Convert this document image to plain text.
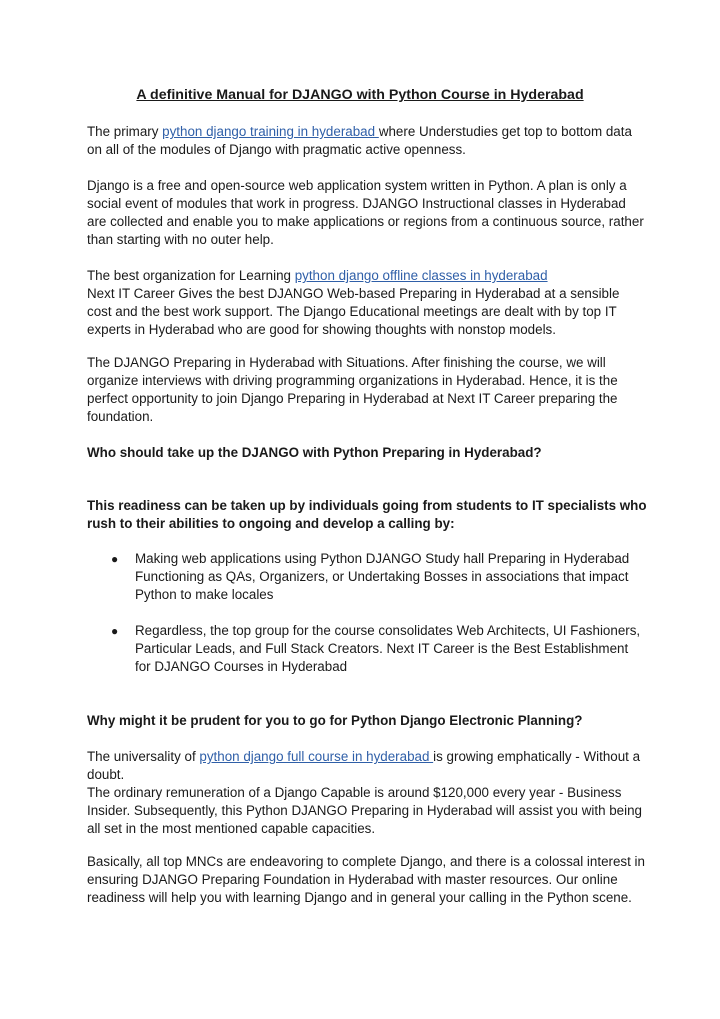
A definitive Manual for DJANGO with Python Course in Hyderabad
The primary python django training in hyderabad where Understudies get top to bottom data on all of the modules of Django with pragmatic active openness.
Django is a free and open-source web application system written in Python. A plan is only a social event of modules that work in progress. DJANGO Instructional classes in Hyderabad are collected and enable you to make applications or regions from a continuous source, rather than starting with no outer help.
The best organization for Learning python django offline classes in hyderabad
Next IT Career Gives the best DJANGO Web-based Preparing in Hyderabad at a sensible cost and the best work support. The Django Educational meetings are dealt with by top IT experts in Hyderabad who are good for showing thoughts with nonstop models.
The DJANGO Preparing in Hyderabad with Situations. After finishing the course, we will organize interviews with driving programming organizations in Hyderabad. Hence, it is the perfect opportunity to join Django Preparing in Hyderabad at Next IT Career preparing the foundation.
Who should take up the DJANGO with Python Preparing in Hyderabad?
This readiness can be taken up by individuals going from students to IT specialists who rush to their abilities to ongoing and develop a calling by:
● Making web applications using Python DJANGO Study hall Preparing in Hyderabad Functioning as QAs, Organizers, or Undertaking Bosses in associations that impact Python to make locales
● Regardless, the top group for the course consolidates Web Architects, UI Fashioners, Particular Leads, and Full Stack Creators. Next IT Career is the Best Establishment for DJANGO Courses in Hyderabad
Why might it be prudent for you to go for Python Django Electronic Planning?
The universality of python django full course in hyderabad is growing emphatically - Without a doubt.
The ordinary remuneration of a Django Capable is around $120,000 every year - Business Insider. Subsequently, this Python DJANGO Preparing in Hyderabad will assist you with being all set in the most mentioned capable capacities.
Basically, all top MNCs are endeavoring to complete Django, and there is a colossal interest in ensuring DJANGO Preparing Foundation in Hyderabad with master resources. Our online readiness will help you with learning Django and in general your calling in the Python scene.
